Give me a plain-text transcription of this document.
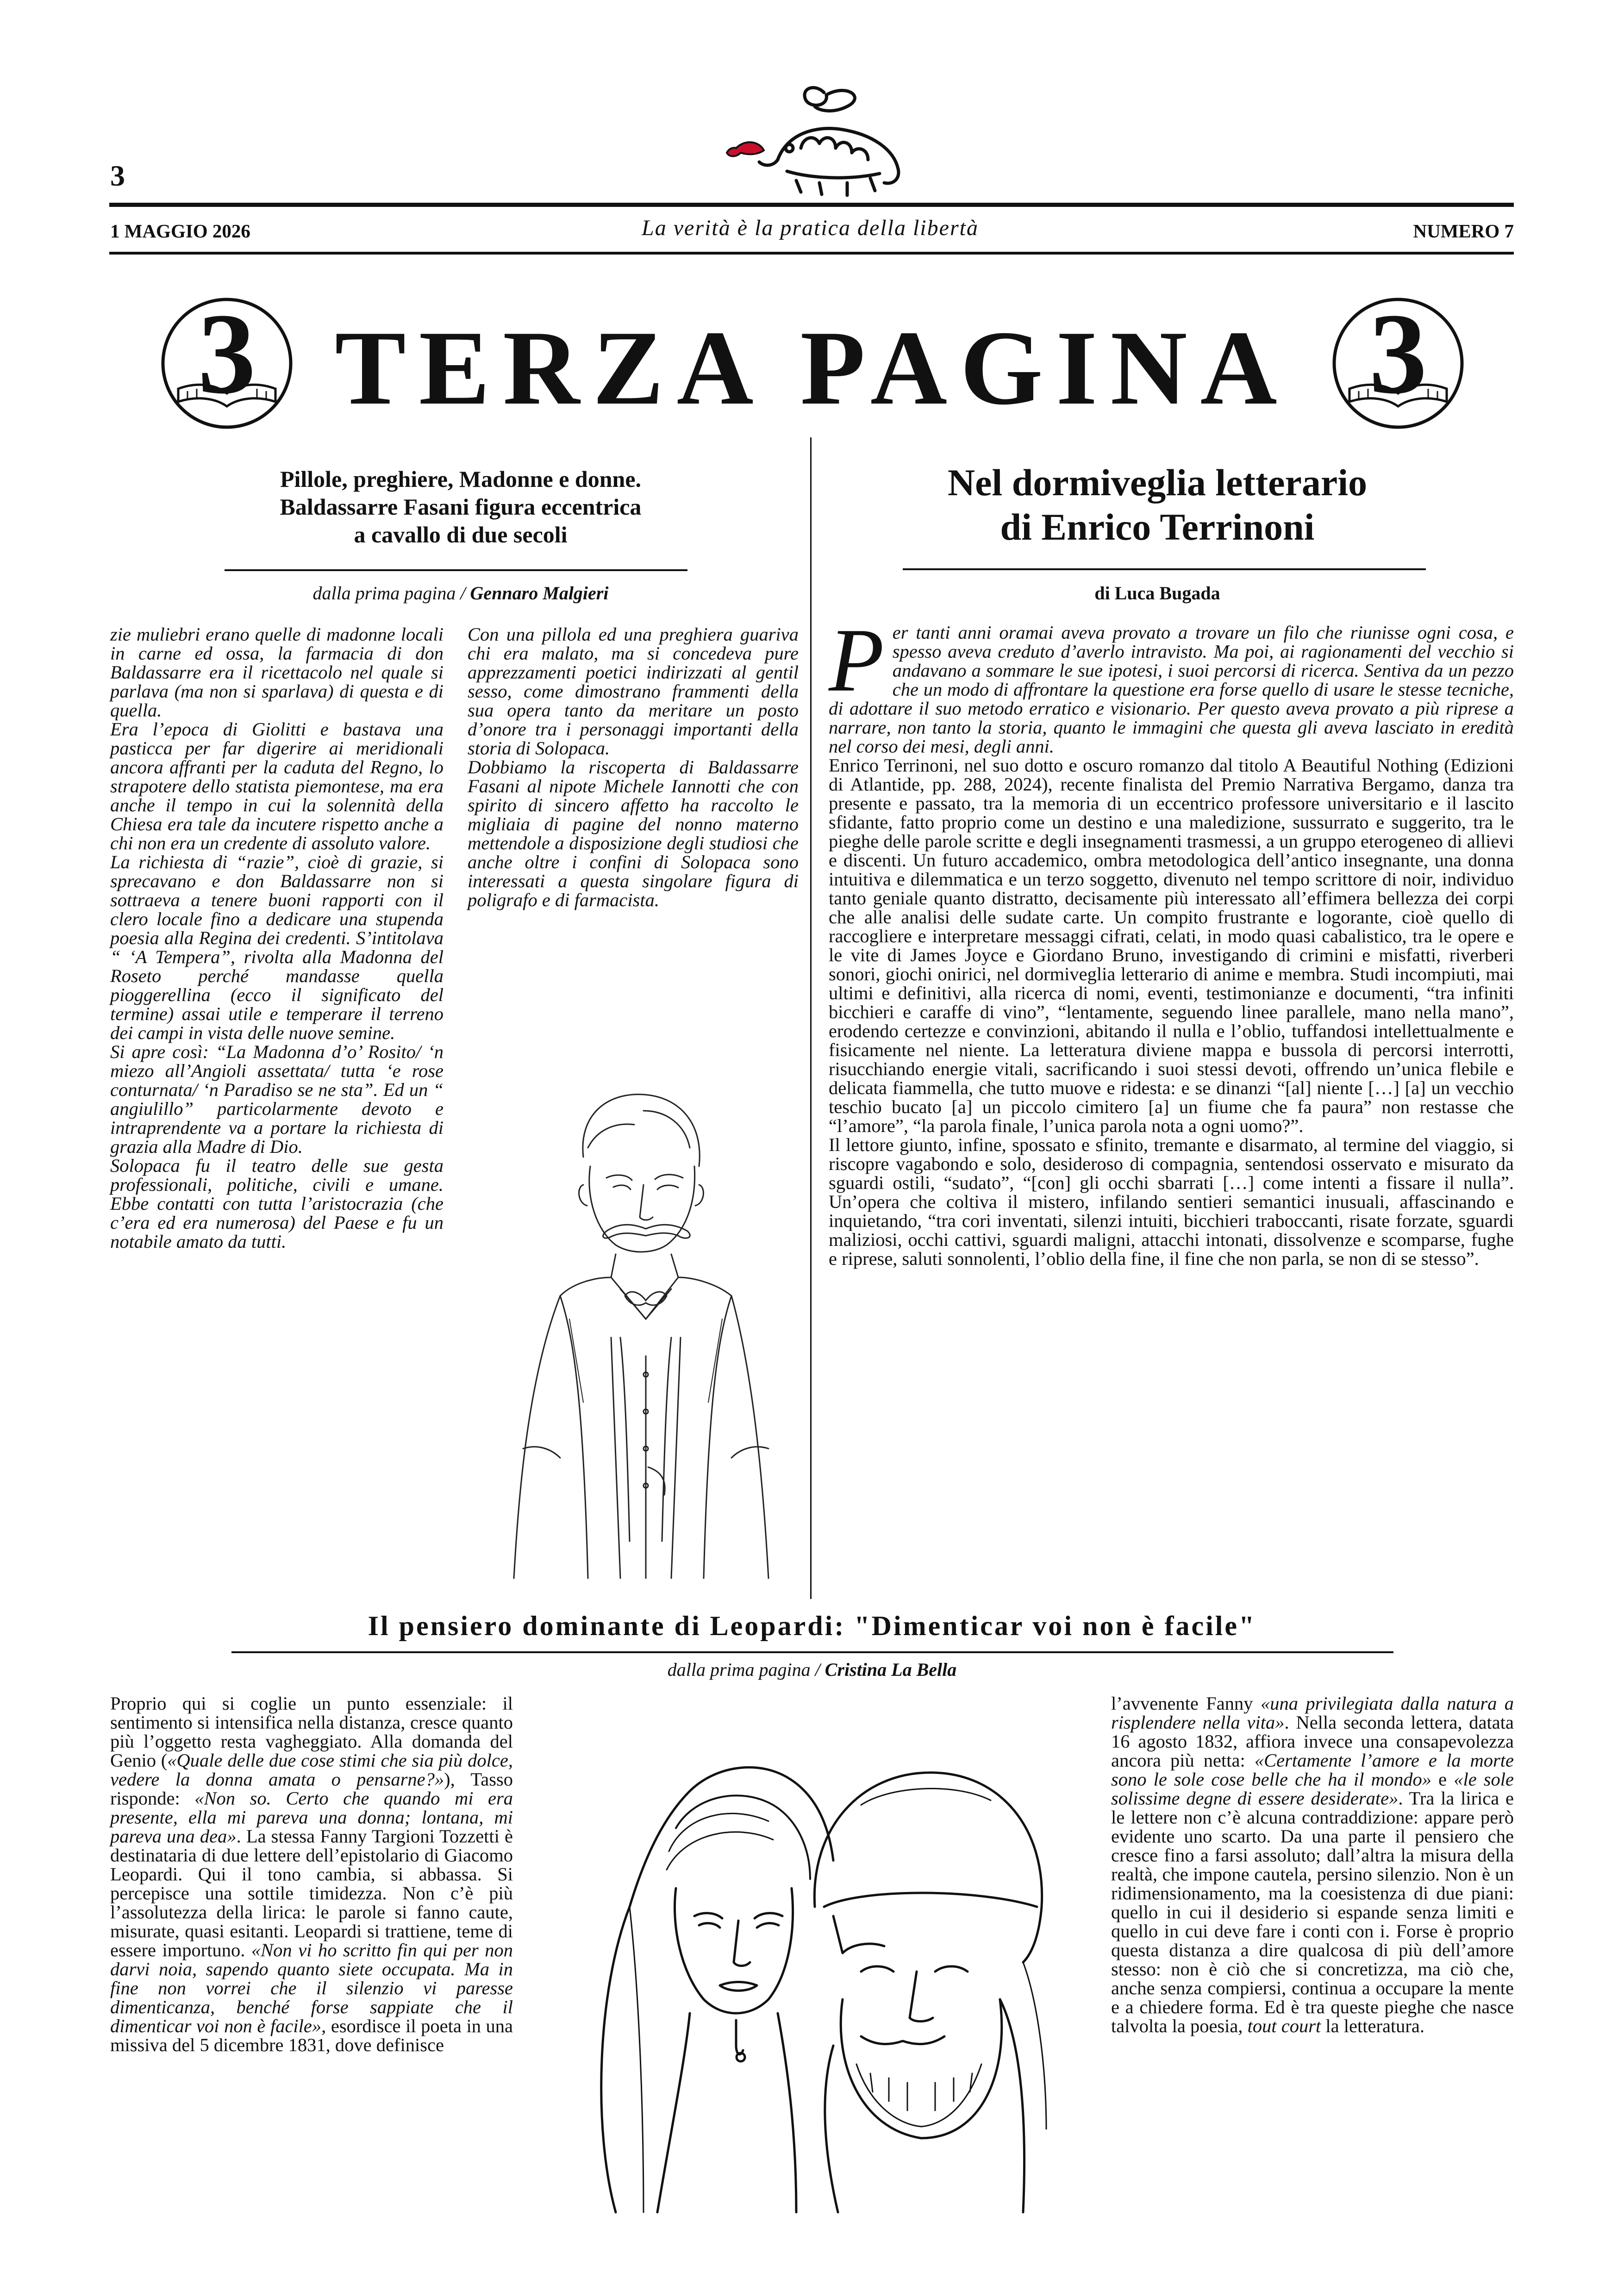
3
1 MAGGIO 2026	La verità è la pratica della libertà	NUMERO 7
3 TERZA PAGINA 3
Pillole, preghiere, Madonne e donne.
Baldassarre Fasani figura eccentrica
a cavallo di due secoli
dalla prima pagina / Gennaro Malgieri

zie muliebri erano quelle di madonne locali in carne ed ossa, la farmacia di don Baldassarre era il ricettacolo nel quale si parlava (ma non si sparlava) di questa e di quella.

Era l’epoca di Giolitti e bastava una pasticca per far digerire ai meridionali ancora affranti per la caduta del Regno, lo strapotere dello statista piemontese, ma era anche il tempo in cui la solennità della Chiesa era tale da incutere rispetto anche a chi non era un credente di assoluto valore.

La richiesta di “razie”, cioè di grazie, si sprecavano e don Baldassarre non si sottraeva a tenere buoni rapporti con il clero locale fino a dedicare una stupenda poesia alla Regina dei credenti. S’intitolava “ ‘A Tempera”, rivolta alla Madonna del Roseto perché mandasse quella pioggerellina (ecco il significato del termine) assai utile e temperare il terreno dei campi in vista delle nuove semine.

Si apre così: “La Madonna d’o’ Rosito/ ‘n miezo all’Angioli assettata/ tutta ‘e rose conturnata/ ‘n Paradiso se ne sta”. Ed un “ angiulillo” particolarmente devoto e intraprendente va a portare la richiesta di grazia alla Madre di Dio.

Solopaca fu il teatro delle sue gesta professionali, politiche, civili e umane. Ebbe contatti con tutta l’aristocrazia (che c’era ed era numerosa) del Paese e fu un notabile amato da tutti.

Con una pillola ed una preghiera guariva chi era malato, ma si concedeva pure apprezzamenti poetici indirizzati al gentil sesso, come dimostrano frammenti della sua opera tanto da meritare un posto d’onore tra i personaggi importanti della storia di Solopaca.

Dobbiamo la riscoperta di Baldassarre Fasani al nipote Michele Iannotti che con spirito di sincero affetto ha raccolto le migliaia di pagine del nonno materno mettendole a disposizione degli studiosi che anche oltre i confini di Solopaca sono interessati a questa singolare figura di poligrafo e di farmacista.

Nel dormiveglia letterario
di Enrico Terrinoni
di Luca Bugada
P er tanti anni oramai aveva provato a trovare un filo che riunisse ogni cosa, e spesso aveva creduto d’averlo intravisto. Ma poi, ai ragionamenti del vecchio si andavano a sommare le sue ipotesi, i suoi percorsi di ricerca. Sentiva da un pezzo che un modo di affrontare la questione era forse quello di usare le stesse tecniche, di adottare il suo metodo erratico e visionario. Per questo aveva provato a più riprese a narrare, non tanto la storia, quanto le immagini che questa gli aveva lasciato in eredità nel corso dei mesi, degli anni.

Enrico Terrinoni, nel suo dotto e oscuro romanzo dal titolo A Beautiful Nothing (Edizioni di Atlantide, pp. 288, 2024), recente finalista del Premio Narrativa Bergamo, danza tra presente e passato, tra la memoria di un eccentrico professore universitario e il lascito sfidante, fatto proprio come un destino e una maledizione, sussurrato e suggerito, tra le pieghe delle parole scritte e degli insegnamenti trasmessi, a un gruppo eterogeneo di allievi e discenti. Un futuro accademico, ombra metodologica dell’antico insegnante, una donna intuitiva e dilemmatica e un terzo soggetto, divenuto nel tempo scrittore di noir, individuo tanto geniale quanto distratto, decisamente più interessato all’effimera bellezza dei corpi che alle analisi delle sudate carte. Un compito frustrante e logorante, cioè quello di raccogliere e interpretare messaggi cifrati, celati, in modo quasi cabalistico, tra le opere e le vite di James Joyce e Giordano Bruno, investigando di crimini e misfatti, riverberi sonori, giochi onirici, nel dormiveglia letterario di anime e membra. Studi incompiuti, mai ultimi e definitivi, alla ricerca di nomi, eventi, testimonianze e documenti, “tra infiniti bicchieri e caraffe di vino”, “lentamente, seguendo linee parallele, mano nella mano”, erodendo certezze e convinzioni, abitando il nulla e l’oblio, tuffandosi intellettualmente e fisicamente nel niente. La letteratura diviene mappa e bussola di percorsi interrotti, risucchiando energie vitali, sacrificando i suoi stessi devoti, offrendo un’unica flebile e delicata fiammella, che tutto muove e ridesta: e se dinanzi “[al] niente […] [a] un vecchio teschio bucato [a] un piccolo cimitero [a] un fiume che fa paura” non restasse che “l’amore”, “la parola finale, l’unica parola nota a ogni uomo?”.

Il lettore giunto, infine, spossato e sfinito, tremante e disarmato, al termine del viaggio, si riscopre vagabondo e solo, desideroso di compagnia, sentendosi osservato e misurato da sguardi ostili, “sudato”, “[con] gli occhi sbarrati […] come intenti a fissare il nulla”. Un’opera che coltiva il mistero, infilando sentieri semantici inusuali, affascinando e inquietando, “tra cori inventati, silenzi intuiti, bicchieri traboccanti, risate forzate, sguardi maliziosi, occhi cattivi, sguardi maligni, attacchi intonati, dissolvenze e scomparse, fughe e riprese, saluti sonnolenti, l’oblio della fine, il fine che non parla, se non di se stesso”.

Il pensiero dominante di Leopardi: "Dimenticar voi non è facile"
dalla prima pagina / Cristina La Bella

Proprio qui si coglie un punto essenziale: il sentimento si intensifica nella distanza, cresce quanto più l’oggetto resta vagheggiato. Alla domanda del Genio («Quale delle due cose stimi che sia più dolce, vedere la donna amata o pensarne?»), Tasso risponde: «Non so. Certo che quando mi era presente, ella mi pareva una donna; lontana, mi pareva una dea». La stessa Fanny Targioni Tozzetti è destinataria di due lettere dell’epistolario di Giacomo Leopardi. Qui il tono cambia, si abbassa. Si percepisce una sottile timidezza. Non c’è più l’assolutezza della lirica: le parole si fanno caute, misurate, quasi esitanti. Leopardi si trattiene, teme di essere importuno. «Non vi ho scritto fin qui per non darvi noia, sapendo quanto siete occupata. Ma in fine non vorrei che il silenzio vi paresse dimenticanza, benché forse sappiate che il dimenticar voi non è facile», esordisce il poeta in una missiva del 5 dicembre 1831, dove definisce

l’avvenente Fanny «una privilegiata dalla natura a risplendere nella vita». Nella seconda lettera, datata 16 agosto 1832, affiora invece una consapevolezza ancora più netta: «Certamente l’amore e la morte sono le sole cose belle che ha il mondo» e «le sole solissime degne di essere desiderate». Tra la lirica e le lettere non c’è alcuna contraddizione: appare però evidente uno scarto. Da una parte il pensiero che cresce fino a farsi assoluto; dall’altra la misura della realtà, che impone cautela, persino silenzio. Non è un ridimensionamento, ma la coesistenza di due piani: quello in cui il desiderio si espande senza limiti e quello in cui deve fare i conti con i. Forse è proprio questa distanza a dire qualcosa di più dell’amore stesso: non è ciò che si concretizza, ma ciò che, anche senza compiersi, continua a occupare la mente e a chiedere forma. Ed è tra queste pieghe che nasce talvolta la poesia, tout court la letteratura.
